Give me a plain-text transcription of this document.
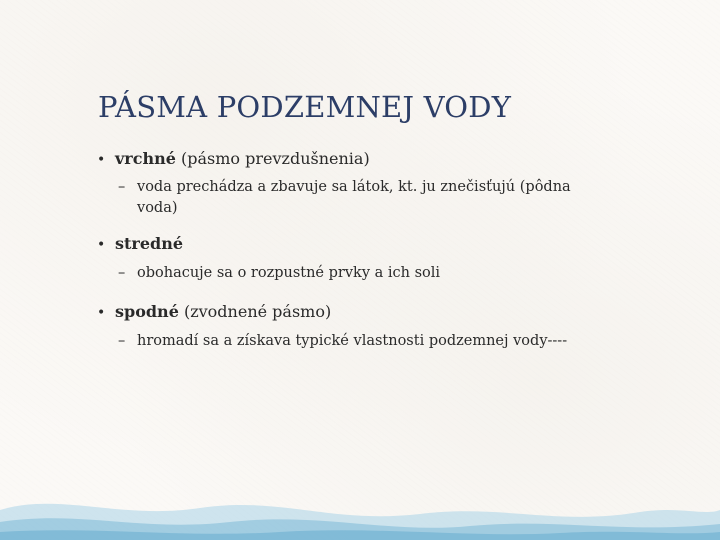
PÁSMA PODZEMNEJ VODY
• vrchné (pásmo prevzdušnenia)
– voda prechádza a zbavuje sa látok, kt. ju znečisťujú (pôdna voda)
• stredné
– obohacuje sa o rozpustné prvky a ich soli
• spodné (zvodnené pásmo)
– hromadí sa a získava typické vlastnosti podzemnej vody----
